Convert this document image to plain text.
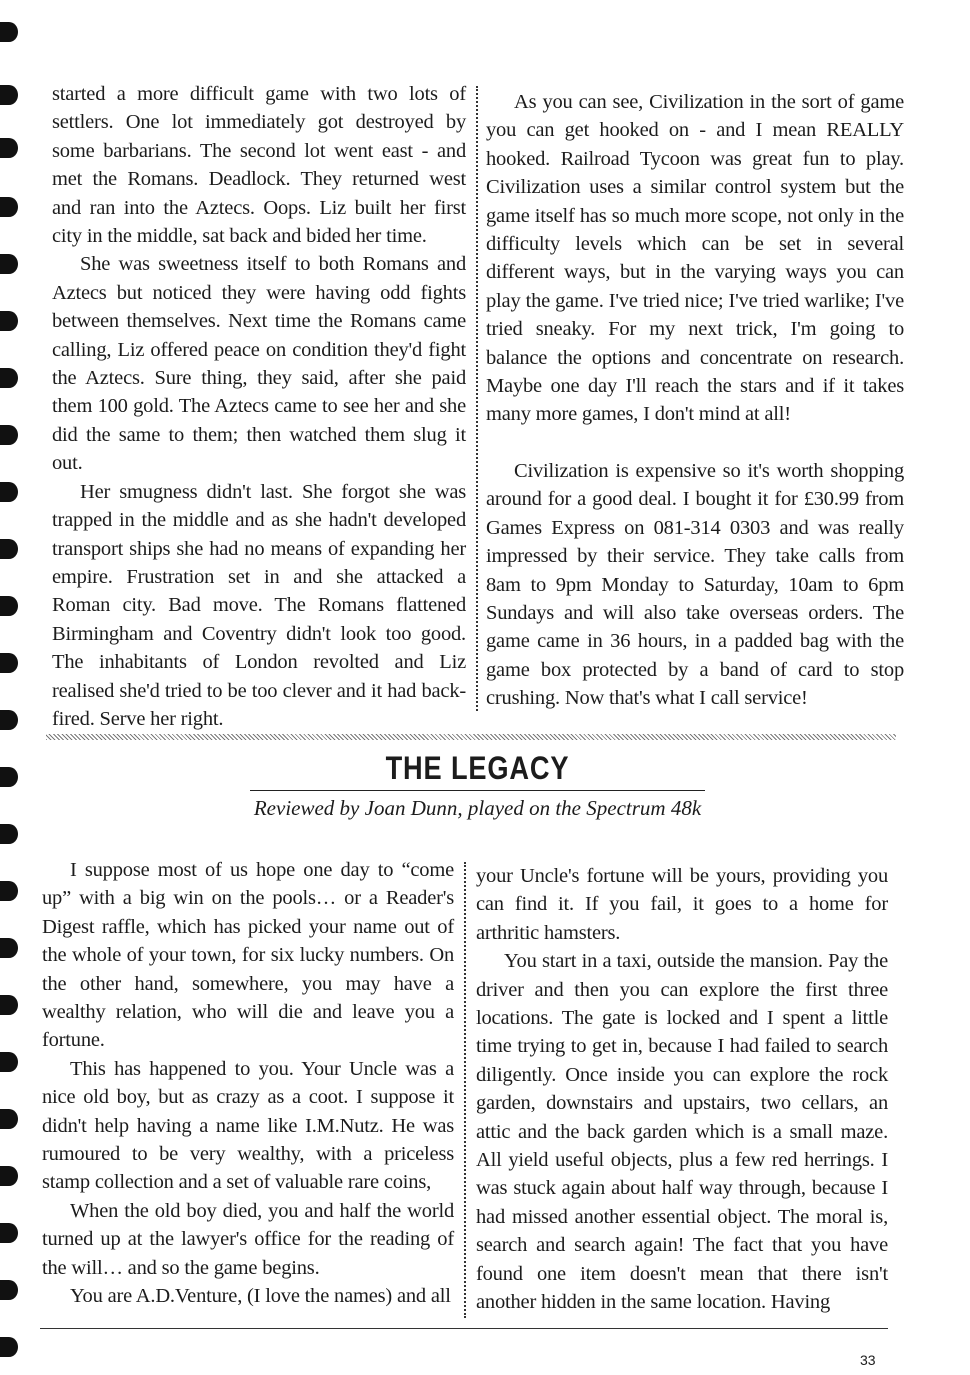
started a more difficult game with two lots of settlers. One lot immediately got destroyed by some barbarians. The second lot went east - and met the Romans. Deadlock. They returned west and ran into the Aztecs. Oops. Liz built her first city in the middle, sat back and bided her time.

She was sweetness itself to both Romans and Aztecs but noticed they were having odd fights between themselves. Next time the Romans came calling, Liz offered peace on condition they'd fight the Aztecs. Sure thing, they said, after she paid them 100 gold. The Aztecs came to see her and she did the same to them; then watched them slug it out.

Her smugness didn't last. She forgot she was trapped in the middle and as she hadn't developed transport ships she had no means of expanding her empire. Frustration set in and she attacked a Roman city. Bad move. The Romans flattened Birmingham and Coventry didn't look too good. The inhabitants of London revolted and Liz realised she'd tried to be too clever and it had back-fired. Serve her right.

As you can see, Civilization in the sort of game you can get hooked on - and I mean REALLY hooked. Railroad Tycoon was great fun to play. Civilization uses a similar control system but the game itself has so much more scope, not only in the difficulty levels which can be set in several different ways, but in the varying ways you can play the game. I've tried nice; I've tried warlike; I've tried sneaky. For my next trick, I'm going to balance the options and concentrate on research. Maybe one day I'll reach the stars and if it takes many more games, I don't mind at all!

Civilization is expensive so it's worth shopping around for a good deal. I bought it for £30.99 from Games Express on 081-314 0303 and was really impressed by their service. They take calls from 8am to 9pm Monday to Saturday, 10am to 6pm Sundays and will also take overseas orders. The game came in 36 hours, in a padded bag with the game box protected by a band of card to stop crushing. Now that's what I call service!

THE LEGACY
Reviewed by Joan Dunn, played on the Spectrum 48k

I suppose most of us hope one day to “come up” with a big win on the pools… or a Reader's Digest raffle, which has picked your name out of the whole of your town, for six lucky numbers. On the other hand, somewhere, you may have a wealthy relation, who will die and leave you a fortune.

This has happened to you. Your Uncle was a nice old boy, but as crazy as a coot. I suppose it didn't help having a name like I.M.Nutz. He was rumoured to be very wealthy, with a priceless stamp collection and a set of valuable rare coins,

When the old boy died, you and half the world turned up at the lawyer's office for the reading of the will… and so the game begins.

You are A.D.Venture, (I love the names) and all

your Uncle's fortune will be yours, providing you can find it. If you fail, it goes to a home for arthritic hamsters.

You start in a taxi, outside the mansion. Pay the driver and then you can explore the first three locations. The gate is locked and I spent a little time trying to get in, because I had failed to search diligently. Once inside you can explore the rock garden, downstairs and upstairs, two cellars, an attic and the back garden which is a small maze. All yield useful objects, plus a few red herrings. I was stuck again about half way through, because I had missed another essential object. The moral is, search and search again! The fact that you have found one item doesn't mean that there isn't another hidden in the same location. Having

33
